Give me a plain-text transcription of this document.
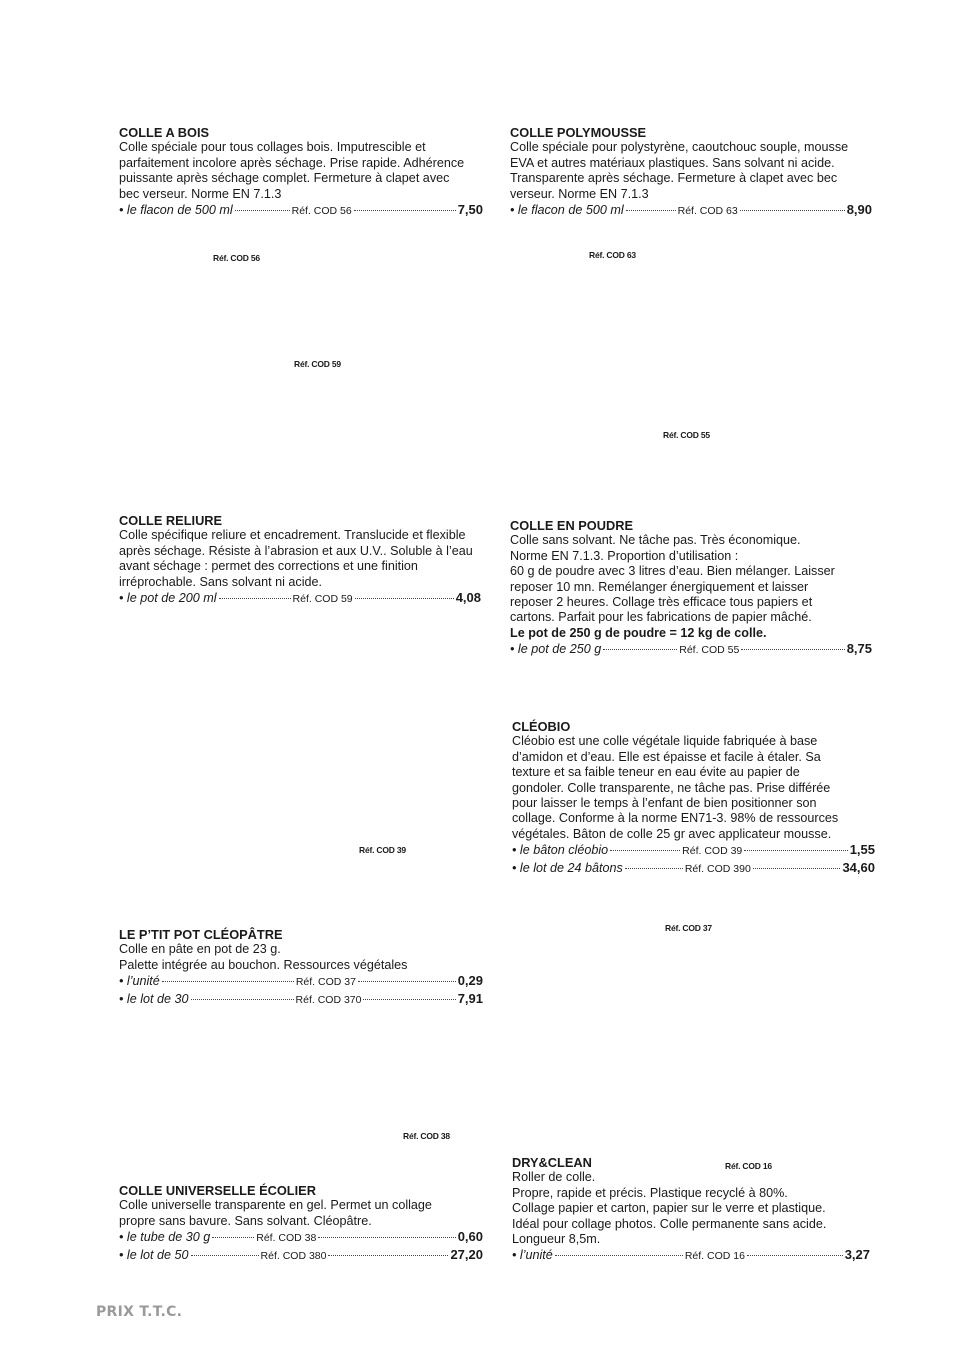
COLLE A BOIS
Colle spéciale pour tous collages bois. Imputrescible et
parfaitement incolore après séchage. Prise rapide. Adhérence
puissante après séchage complet. Fermeture à clapet avec
bec verseur. Norme EN 7.1.3
• le flacon de 500 ml	Réf. COD 56	7,50
COLLE POLYMOUSSE
Colle spéciale pour polystyrène, caoutchouc souple, mousse
EVA et autres matériaux plastiques. Sans solvant ni acide.
Transparente après séchage. Fermeture à clapet avec bec
verseur. Norme EN 7.1.3
• le flacon de 500 ml	Réf. COD 63	8,90
COLLE RELIURE
Colle spécifique reliure et encadrement. Translucide et flexible
après séchage. Résiste à l’abrasion et aux U.V.. Soluble à l’eau
avant séchage : permet des corrections et une finition
irréprochable. Sans solvant ni acide.
• le pot de 200 ml	Réf. COD 59	4,08
COLLE EN POUDRE
Colle sans solvant. Ne tâche pas. Très économique.
Norme EN 7.1.3. Proportion d’utilisation :
60 g de poudre avec 3 litres d’eau. Bien mélanger. Laisser
reposer 10 mn. Remélanger énergiquement et laisser
reposer 2 heures. Collage très efficace tous papiers et
cartons. Parfait pour les fabrications de papier mâché.
Le pot de 250 g de poudre = 12 kg de colle.
• le pot de 250 g	Réf. COD 55	8,75
CLÉOBIO
Cléobio est une colle végétale liquide fabriquée à base
d’amidon et d’eau. Elle est épaisse et facile à étaler. Sa
texture et sa faible teneur en eau évite au papier de
gondoler. Colle transparente, ne tâche pas. Prise différée
pour laisser le temps à l’enfant de bien positionner son
collage. Conforme à la norme EN71-3. 98% de ressources
végétales. Bâton de colle 25 gr avec applicateur mousse.
• le bâton cléobio	Réf. COD 39	1,55
• le lot de 24 bâtons	Réf. COD 390	34,60
LE P’TIT POT CLÉOPÂTRE
Colle en pâte en pot de 23 g.
Palette intégrée au bouchon. Ressources végétales
• l’unité	Réf. COD 37	0,29
• le lot de 30	Réf. COD 370	7,91
DRY&CLEAN
Roller de colle.
Propre, rapide et précis. Plastique recyclé à 80%.
Collage papier et carton, papier sur le verre et plastique.
Idéal pour collage photos. Colle permanente sans acide.
Longueur 8,5m.
• l’unité	Réf. COD 16	3,27
COLLE UNIVERSELLE ÉCOLIER
Colle universelle transparente en gel. Permet un collage
propre sans bavure. Sans solvant. Cléopâtre.
• le tube de 30 g	Réf. COD 38	0,60
• le lot de 50	Réf. COD 380	27,20
Réf. COD 56	Réf. COD 63
Réf. COD 59
Réf. COD 55
Réf. COD 39
Réf. COD 37
Réf. COD 38
Réf. COD 16
PRIX T.T.C.
